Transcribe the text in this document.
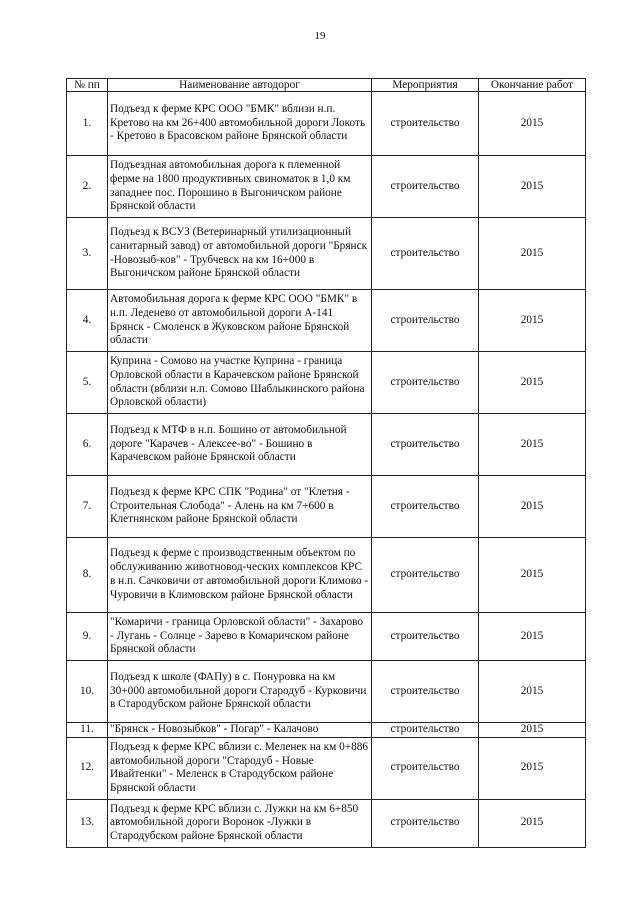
19
№ пп	Наименование автодорог	Мероприятия	Окончание работ
1.	Подъезд к ферме КРС ООО "БМК" вблизи н.п. Кретово на км 26+400 автомобильной дороги Локоть - Кретово в Брасовском районе Брянской области	строительство	2015
2.	Подъездная автомобильная дорога к племенной ферме на 1800 продуктивных свиноматок в 1,0 км западнее пос. Порошино в Выгоничском районе Брянской области	строительство	2015
3.	Подъезд к ВСУЗ (Ветеринарный утилизационный санитарный завод) от автомобильной дороги "Брянск -Новозыб-ков" - Трубчевск на км 16+000 в Выгоничском районе Брянской области	строительство	2015
4.	Автомобильная дорога к ферме КРС ООО "БМК" в н.п. Леденево от автомобильной дороги А-141 Брянск - Смоленск в Жуковском районе Брянской области	строительство	2015
5.	Куприна - Сомово на участке Куприна - граница Орловской области в Карачевском районе Брянской области (вблизи н.п. Сомово Шаблыкинского района Орловской области)	строительство	2015
6.	Подъезд к МТФ в н.п. Бошино от автомобильной дороге "Карачев - Алексее-во" - Бошино в Карачевском районе Брянской области	строительство	2015
7.	Подъезд к ферме КРС СПК "Родина" от "Клетня - Строительная Слобода" - Алень на км 7+600 в Клетнянском районе Брянской области	строительство	2015
8.	Подъезд к ферме с производственным объектом по обслуживанию животновод-ческих комплексов КРС в н.п. Сачковичи от автомобильной дороги Климово - Чуровичи в Климовском районе Брянской области	строительство	2015
9.	"Комаричи - граница Орловской области" - Захарово - Лугань - Солнце - Зарево в Комаричском районе Брянской области	строительство	2015
10.	Подъезд к школе (ФАПу) в с. Понуровка на км 30+000 автомобильной дороги Стародуб - Курковичи в Стародубском районе Брянской области	строительство	2015
11.	"Брянск - Новозыбков" - Погар" - Калачово	строительство	2015
12.	Подъезд к ферме КРС вблизи с. Меленек на км 0+886 автомобильной дороги "Стародуб - Новые Ивайтенки" - Меленск в Стародубском районе Брянской области	строительство	2015
13.	Подъезд к ферме КРС вблизи с. Лужки на км 6+850 автомобильной дороги Воронок -Лужки в Стародубском районе Брянской области	строительство	2015
